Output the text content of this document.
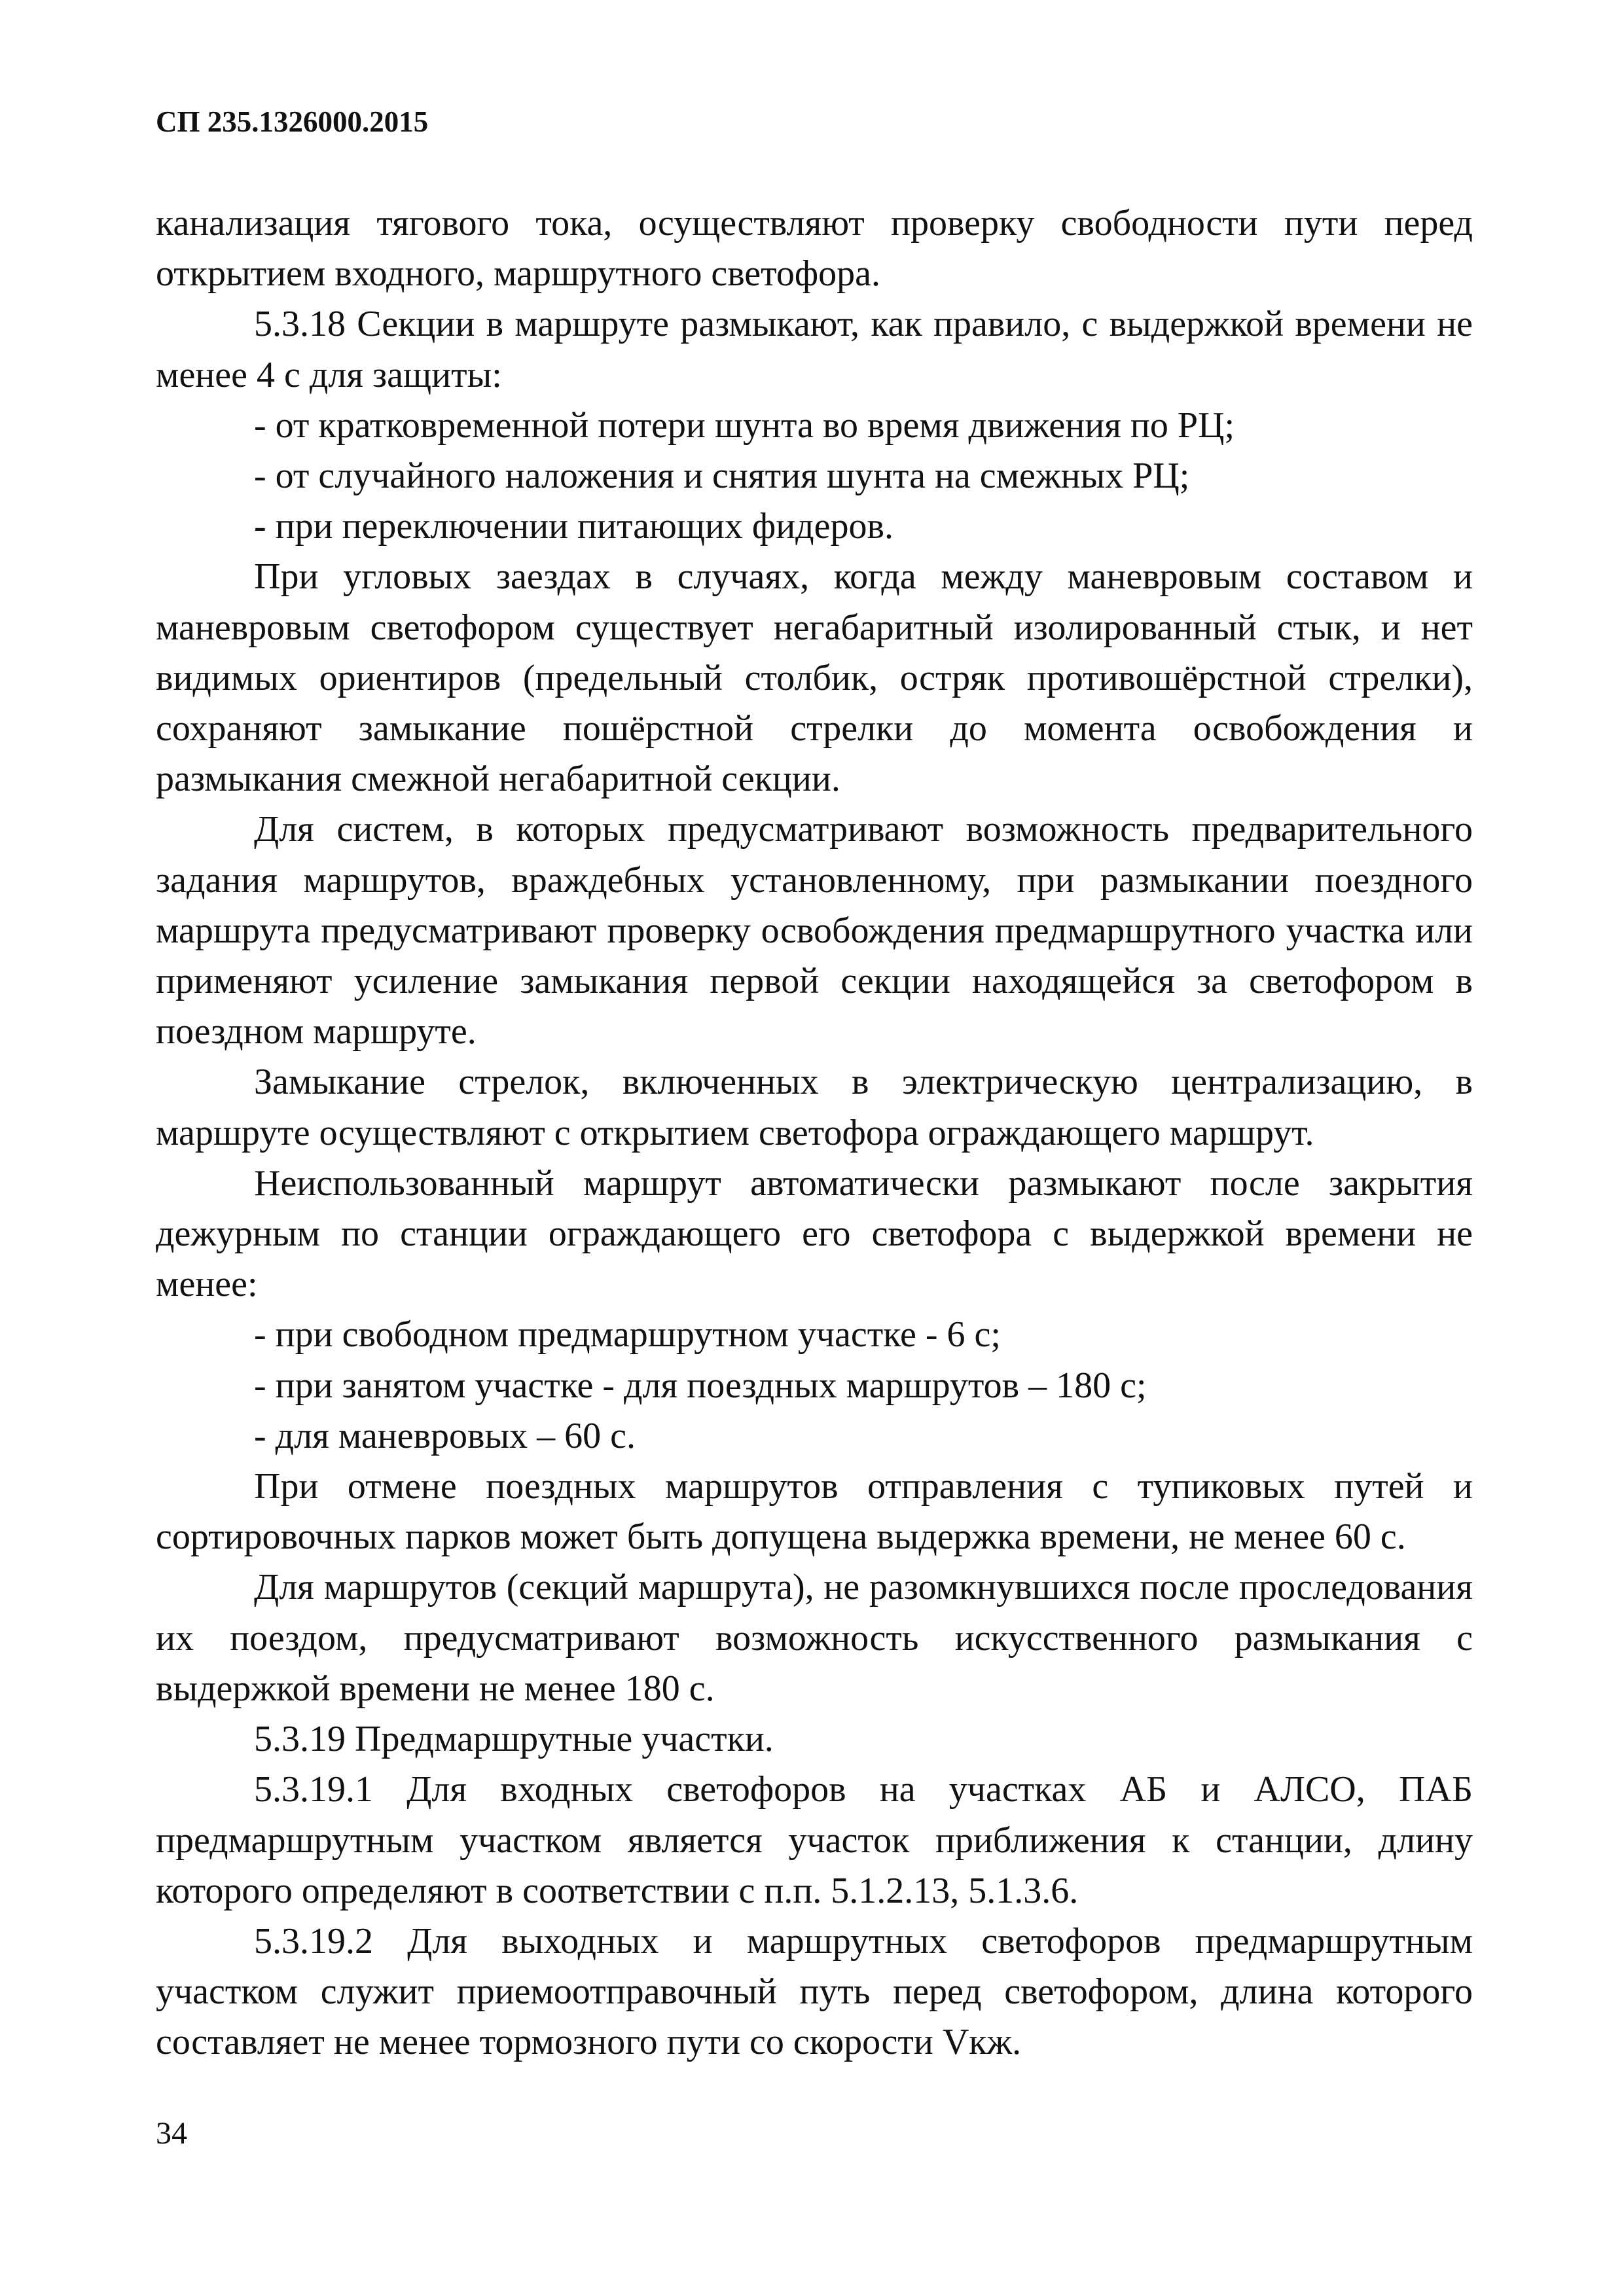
СП 235.1326000.2015

канализация тягового тока, осуществляют проверку свободности пути перед открытием входного, маршрутного светофора.

5.3.18 Секции в маршруте размыкают, как правило, с выдержкой времени не менее 4 с для защиты:

- от кратковременной потери шунта во время движения по РЦ;

- от случайного наложения и снятия шунта на смежных РЦ;

- при переключении питающих фидеров.

При угловых заездах в случаях, когда между маневровым составом и маневровым светофором существует негабаритный изолированный стык, и нет видимых ориентиров (предельный столбик, остряк противошёрстной стрелки), сохраняют замыкание пошёрстной стрелки до момента освобождения и размыкания смежной негабаритной секции.

Для систем, в которых предусматривают возможность предварительного задания маршрутов, враждебных установленному, при размыкании поездного маршрута предусматривают проверку освобождения предмаршрутного участка или применяют усиление замыкания первой секции находящейся за светофором в поездном маршруте.

Замыкание стрелок, включенных в электрическую централизацию, в маршруте осуществляют с открытием светофора ограждающего маршрут.

Неиспользованный маршрут автоматически размыкают после закрытия дежурным по станции ограждающего его светофора с выдержкой времени не менее:

- при свободном предмаршрутном участке - 6 с;

- при занятом участке - для поездных маршрутов – 180 с;

- для маневровых – 60 с.

При отмене поездных маршрутов отправления с тупиковых путей и сортировочных парков может быть допущена выдержка времени, не менее 60 с.

Для маршрутов (секций маршрута), не разомкнувшихся после проследования их поездом, предусматривают возможность искусственного размыкания с выдержкой времени не менее 180 с.

5.3.19 Предмаршрутные участки.

5.3.19.1 Для входных светофоров на участках АБ и АЛСО, ПАБ предмаршрутным участком является участок приближения к станции, длину которого определяют в соответствии с п.п. 5.1.2.13, 5.1.3.6.

5.3.19.2 Для выходных и маршрутных светофоров предмаршрутным участком служит приемоотправочный путь перед светофором, длина которого составляет не менее тормозного пути со скорости Vкж.

34
